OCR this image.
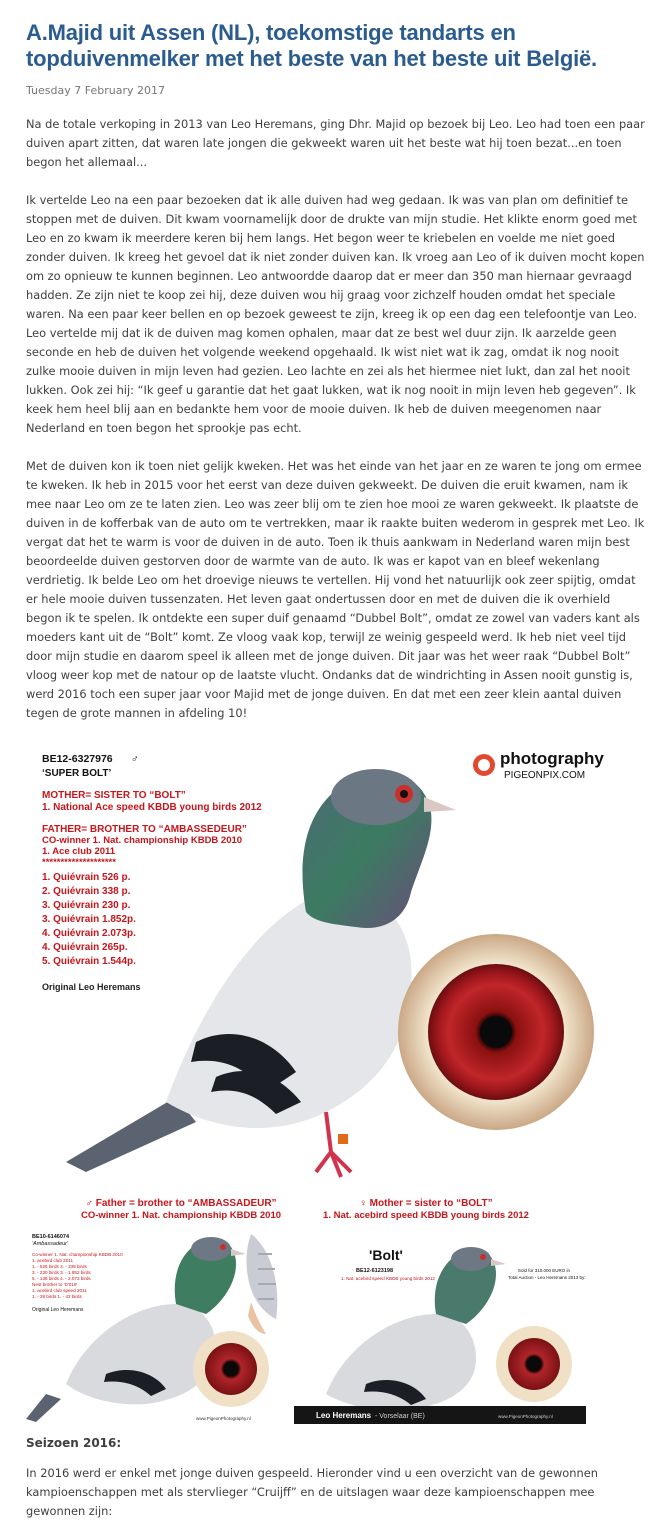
A.Majid uit Assen (NL), toekomstige tandarts en topduivenmelker met het beste van het beste uit België.
Tuesday 7 February 2017

Na de totale verkoping in 2013 van Leo Heremans, ging Dhr. Majid op bezoek bij Leo. Leo had toen een paar duiven apart zitten, dat waren late jongen die gekweekt waren uit het beste wat hij toen bezat...en toen begon het allemaal...

Ik vertelde Leo na een paar bezoeken dat ik alle duiven had weg gedaan. Ik was van plan om definitief te stoppen met de duiven. Dit kwam voornamelijk door de drukte van mijn studie. Het klikte enorm goed met Leo en zo kwam ik meerdere keren bij hem langs. Het begon weer te kriebelen en voelde me niet goed zonder duiven. Ik kreeg het gevoel dat ik niet zonder duiven kan. Ik vroeg aan Leo of ik duiven mocht kopen om zo opnieuw te kunnen beginnen. Leo antwoordde daarop dat er meer dan 350 man hiernaar gevraagd hadden. Ze zijn niet te koop zei hij, deze duiven wou hij graag voor zichzelf houden omdat het speciale waren. Na een paar keer bellen en op bezoek geweest te zijn, kreeg ik op een dag een telefoontje van Leo. Leo vertelde mij dat ik de duiven mag komen ophalen, maar dat ze best wel duur zijn. Ik aarzelde geen seconde en heb de duiven het volgende weekend opgehaald. Ik wist niet wat ik zag, omdat ik nog nooit zulke mooie duiven in mijn leven had gezien. Leo lachte en zei als het hiermee niet lukt, dan zal het nooit lukken. Ook zei hij: “Ik geef u garantie dat het gaat lukken, wat ik nog nooit in mijn leven heb gegeven”. Ik keek hem heel blij aan en bedankte hem voor de mooie duiven. Ik heb de duiven meegenomen naar Nederland en toen begon het sprookje pas echt.

Met de duiven kon ik toen niet gelijk kweken. Het was het einde van het jaar en ze waren te jong om ermee te kweken. Ik heb in 2015 voor het eerst van deze duiven gekweekt. De duiven die eruit kwamen, nam ik mee naar Leo om ze te laten zien. Leo was zeer blij om te zien hoe mooi ze waren gekweekt. Ik plaatste de duiven in de kofferbak van de auto om te vertrekken, maar ik raakte buiten wederom in gesprek met Leo. Ik vergat dat het te warm is voor de duiven in de auto. Toen ik thuis aankwam in Nederland waren mijn best beoordeelde duiven gestorven door de warmte van de auto. Ik was er kapot van en bleef wekenlang verdrietig. Ik belde Leo om het droevige nieuws te vertellen. Hij vond het natuurlijk ook zeer spijtig, omdat er hele mooie duiven tussenzaten. Het leven gaat ondertussen door en met de duiven die ik overhield begon ik te spelen. Ik ontdekte een super duif genaamd “Dubbel Bolt”, omdat ze zowel van vaders kant als moeders kant uit de “Bolt” komt. Ze vloog vaak kop, terwijl ze weinig gespeeld werd. Ik heb niet veel tijd door mijn studie en daarom speel ik alleen met de jonge duiven. Dit jaar was het weer raak “Dubbel Bolt” vloog weer kop met de natour op de laatste vlucht. Ondanks dat de windrichting in Assen nooit gunstig is, werd 2016 toch een super jaar voor Majid met de jonge duiven. En dat met een zeer klein aantal duiven tegen de grote mannen in afdeling 10!

photography
PIGEONPIX.COM
BE12-6327976 ♂
‘SUPER BOLT’
MOTHER= SISTER TO “BOLT”
1. National Ace speed KBDB young birds 2012
FATHER= BROTHER TO “AMBASSEDEUR”
CO-winner 1. Nat. championship KBDB 2010
1. Ace club 2011
********************
1. Quiévrain 526 p.
2. Quiévrain 338 p.
3. Quiévrain 230 p.
3. Quiévrain 1.852p.
4. Quiévrain 2.073p.
4. Quiévrain 265p.
5. Quiévrain 1.544p.
Original Leo Heremans
♂ Father = brother to “AMBASSADEUR”
CO-winner 1. Nat. championship KBDB 2010
♀ Mother = sister to “BOLT”
1. Nat. acebird speed KBDB young birds 2012
BE10-6146074
'Ambassadeur'
Co-winner 1. Nat. championship KBDB 2010
1. acebird club 2011
1. - 526 birds 3. - 338 birds
3. - 230 birds 3. - 1.852 birds
5. - 136 birds 4. - 2.073 birds
Nest brother to 'D'019'
1. acebird club speed 2011
1. - 38 birds 1. - 42 birds
Original Leo Heremans
www.PigeonPhotography.nl
'Bolt'
BE12-6123198
1. Nat. acebird speed KBDB young birds 2012
Sold for 310.000 EURO in
Total Auction - Leo Heremans 2013 by:
Leo Heremans - Vorselaar (BE)	www.PigeonPhotography.nl
Seizoen 2016:

In 2016 werd er enkel met jonge duiven gespeeld. Hieronder vind u een overzicht van de gewonnen kampioenschappen met als stervlieger “Cruijff” en de uitslagen waar deze kampioenschappen mee gewonnen zijn:
